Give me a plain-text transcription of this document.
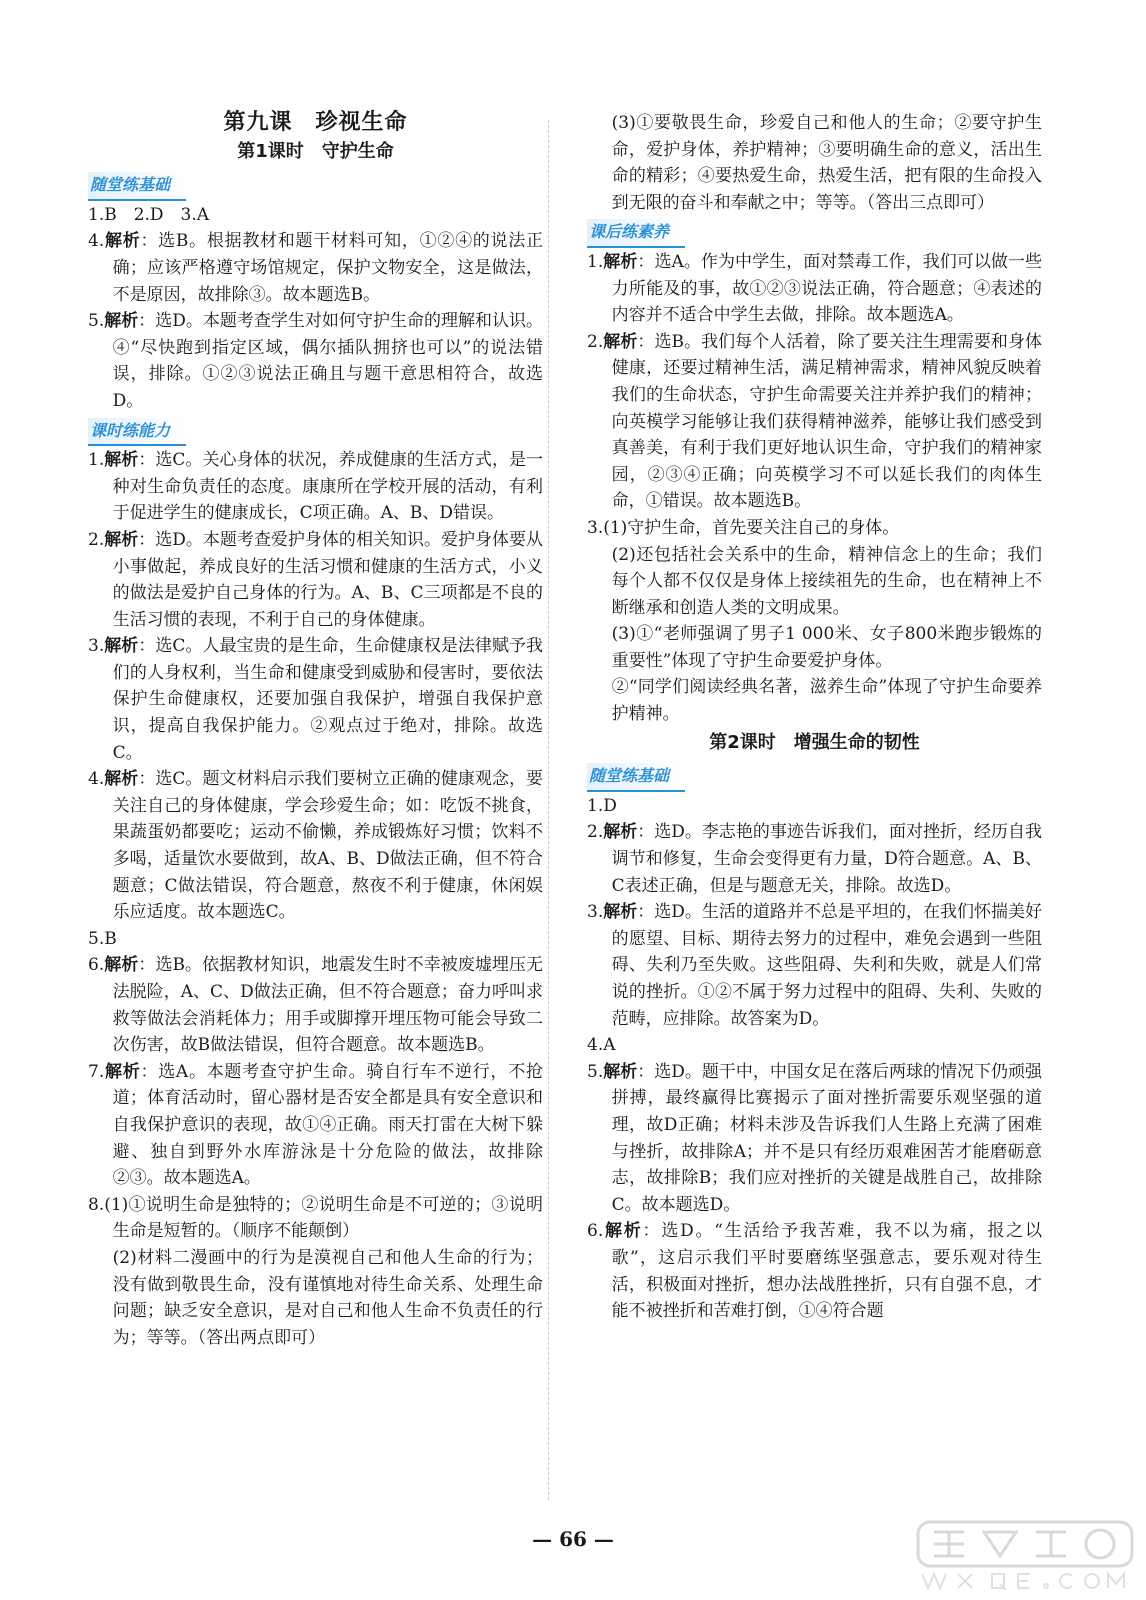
第九课　珍视生命
第1课时　守护生命
随堂练基础
1.B　2.D　3.A
4.解析：选B。根据教材和题干材料可知，①②④的说法正确；应该严格遵守场馆规定，保护文物安全，这是做法，不是原因，故排除③。故本题选B。
5.解析：选D。本题考查学生对如何守护生命的理解和认识。④“尽快跑到指定区域，偶尔插队拥挤也可以”的说法错误，排除。①②③说法正确且与题干意思相符合，故选D。
课时练能力
1.解析：选C。关心身体的状况，养成健康的生活方式，是一种对生命负责任的态度。康康所在学校开展的活动，有利于促进学生的健康成长，C项正确。A、B、D错误。
2.解析：选D。本题考查爱护身体的相关知识。爱护身体要从小事做起，养成良好的生活习惯和健康的生活方式，小义的做法是爱护自己身体的行为。A、B、C三项都是不良的生活习惯的表现，不利于自己的身体健康。
3.解析：选C。人最宝贵的是生命，生命健康权是法律赋予我们的人身权利，当生命和健康受到威胁和侵害时，要依法保护生命健康权，还要加强自我保护，增强自我保护意识，提高自我保护能力。②观点过于绝对，排除。故选C。
4.解析：选C。题文材料启示我们要树立正确的健康观念，要关注自己的身体健康，学会珍爱生命；如：吃饭不挑食，果蔬蛋奶都要吃；运动不偷懒，养成锻炼好习惯；饮料不多喝，适量饮水要做到，故A、B、D做法正确，但不符合题意；C做法错误，符合题意，熬夜不利于健康，休闲娱乐应适度。故本题选C。
5.B
6.解析：选B。依据教材知识，地震发生时不幸被废墟埋压无法脱险，A、C、D做法正确，但不符合题意；奋力呼叫求救等做法会消耗体力；用手或脚撑开埋压物可能会导致二次伤害，故B做法错误，但符合题意。故本题选B。
7.解析：选A。本题考查守护生命。骑自行车不逆行，不抢道；体育活动时，留心器材是否安全都是具有安全意识和自我保护意识的表现，故①④正确。雨天打雷在大树下躲避、独自到野外水库游泳是十分危险的做法，故排除②③。故本题选A。
8.(1)①说明生命是独特的；②说明生命是不可逆的；③说明生命是短暂的。（顺序不能颠倒）
(2)材料二漫画中的行为是漠视自己和他人生命的行为；没有做到敬畏生命，没有谨慎地对待生命关系、处理生命问题；缺乏安全意识，是对自己和他人生命不负责任的行为；等等。（答出两点即可）
(3)①要敬畏生命，珍爱自己和他人的生命；②要守护生命，爱护身体，养护精神；③要明确生命的意义，活出生命的精彩；④要热爱生命，热爱生活，把有限的生命投入到无限的奋斗和奉献之中；等等。（答出三点即可）
课后练素养
1.解析：选A。作为中学生，面对禁毒工作，我们可以做一些力所能及的事，故①②③说法正确，符合题意；④表述的内容并不适合中学生去做，排除。故本题选A。
2.解析：选B。我们每个人活着，除了要关注生理需要和身体健康，还要过精神生活，满足精神需求，精神风貌反映着我们的生命状态，守护生命需要关注并养护我们的精神；向英模学习能够让我们获得精神滋养，能够让我们感受到真善美，有利于我们更好地认识生命，守护我们的精神家园，②③④正确；向英模学习不可以延长我们的肉体生命，①错误。故本题选B。
3.(1)守护生命，首先要关注自己的身体。
(2)还包括社会关系中的生命，精神信念上的生命；我们每个人都不仅仅是身体上接续祖先的生命，也在精神上不断继承和创造人类的文明成果。
(3)①“老师强调了男子1 000米、女子800米跑步锻炼的重要性”体现了守护生命要爱护身体。
②“同学们阅读经典名著，滋养生命”体现了守护生命要养护精神。
第2课时　增强生命的韧性
随堂练基础
1.D
2.解析：选D。李志艳的事迹告诉我们，面对挫折，经历自我调节和修复，生命会变得更有力量，D符合题意。A、B、C表述正确，但是与题意无关，排除。故选D。
3.解析：选D。生活的道路并不总是平坦的，在我们怀揣美好的愿望、目标、期待去努力的过程中，难免会遇到一些阻碍、失利乃至失败。这些阻碍、失利和失败，就是人们常说的挫折。①②不属于努力过程中的阻碍、失利、失败的范畴，应排除。故答案为D。
4.A
5.解析：选D。题干中，中国女足在落后两球的情况下仍顽强拼搏，最终赢得比赛揭示了面对挫折需要乐观坚强的道理，故D正确；材料未涉及告诉我们人生路上充满了困难与挫折，故排除A；并不是只有经历艰难困苦才能磨砺意志，故排除B；我们应对挫折的关键是战胜自己，故排除C。故本题选D。
6.解析：选D。“生活给予我苦难，我不以为痛，报之以歌”，这启示我们平时要磨练坚强意志，要乐观对待生活，积极面对挫折，想办法战胜挫折，只有自强不息，才能不被挫折和苦难打倒，①④符合题
— 66 —
